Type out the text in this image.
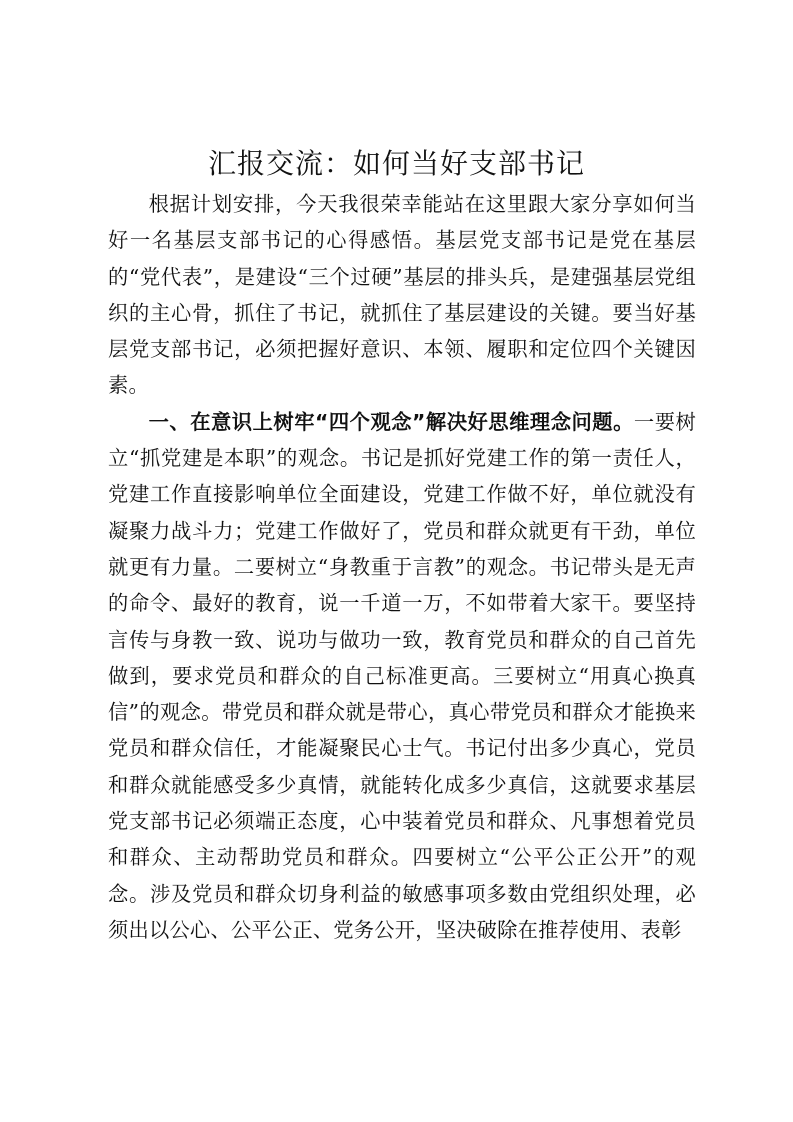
汇报交流：如何当好支部书记

根据计划安排，今天我很荣幸能站在这里跟大家分享如何当好一名基层支部书记的心得感悟。基层党支部书记是党在基层的“党代表”，是建设“三个过硬”基层的排头兵，是建强基层党组织的主心骨，抓住了书记，就抓住了基层建设的关键。要当好基层党支部书记，必须把握好意识、本领、履职和定位四个关键因素。

一、在意识上树牢“四个观念”解决好思维理念问题。一要树立“抓党建是本职”的观念。书记是抓好党建工作的第一责任人，党建工作直接影响单位全面建设，党建工作做不好，单位就没有凝聚力战斗力；党建工作做好了，党员和群众就更有干劲，单位就更有力量。二要树立“身教重于言教”的观念。书记带头是无声的命令、最好的教育，说一千道一万，不如带着大家干。要坚持言传与身教一致、说功与做功一致，教育党员和群众的自己首先做到，要求党员和群众的自己标准更高。三要树立“用真心换真信”的观念。带党员和群众就是带心，真心带党员和群众才能换来党员和群众信任，才能凝聚民心士气。书记付出多少真心，党员和群众就能感受多少真情，就能转化成多少真信，这就要求基层党支部书记必须端正态度，心中装着党员和群众、凡事想着党员和群众、主动帮助党员和群众。四要树立“公平公正公开”的观念。涉及党员和群众切身利益的敏感事项多数由党组织处理，必须出以公心、公平公正、党务公开，坚决破除在推荐使用、表彰
